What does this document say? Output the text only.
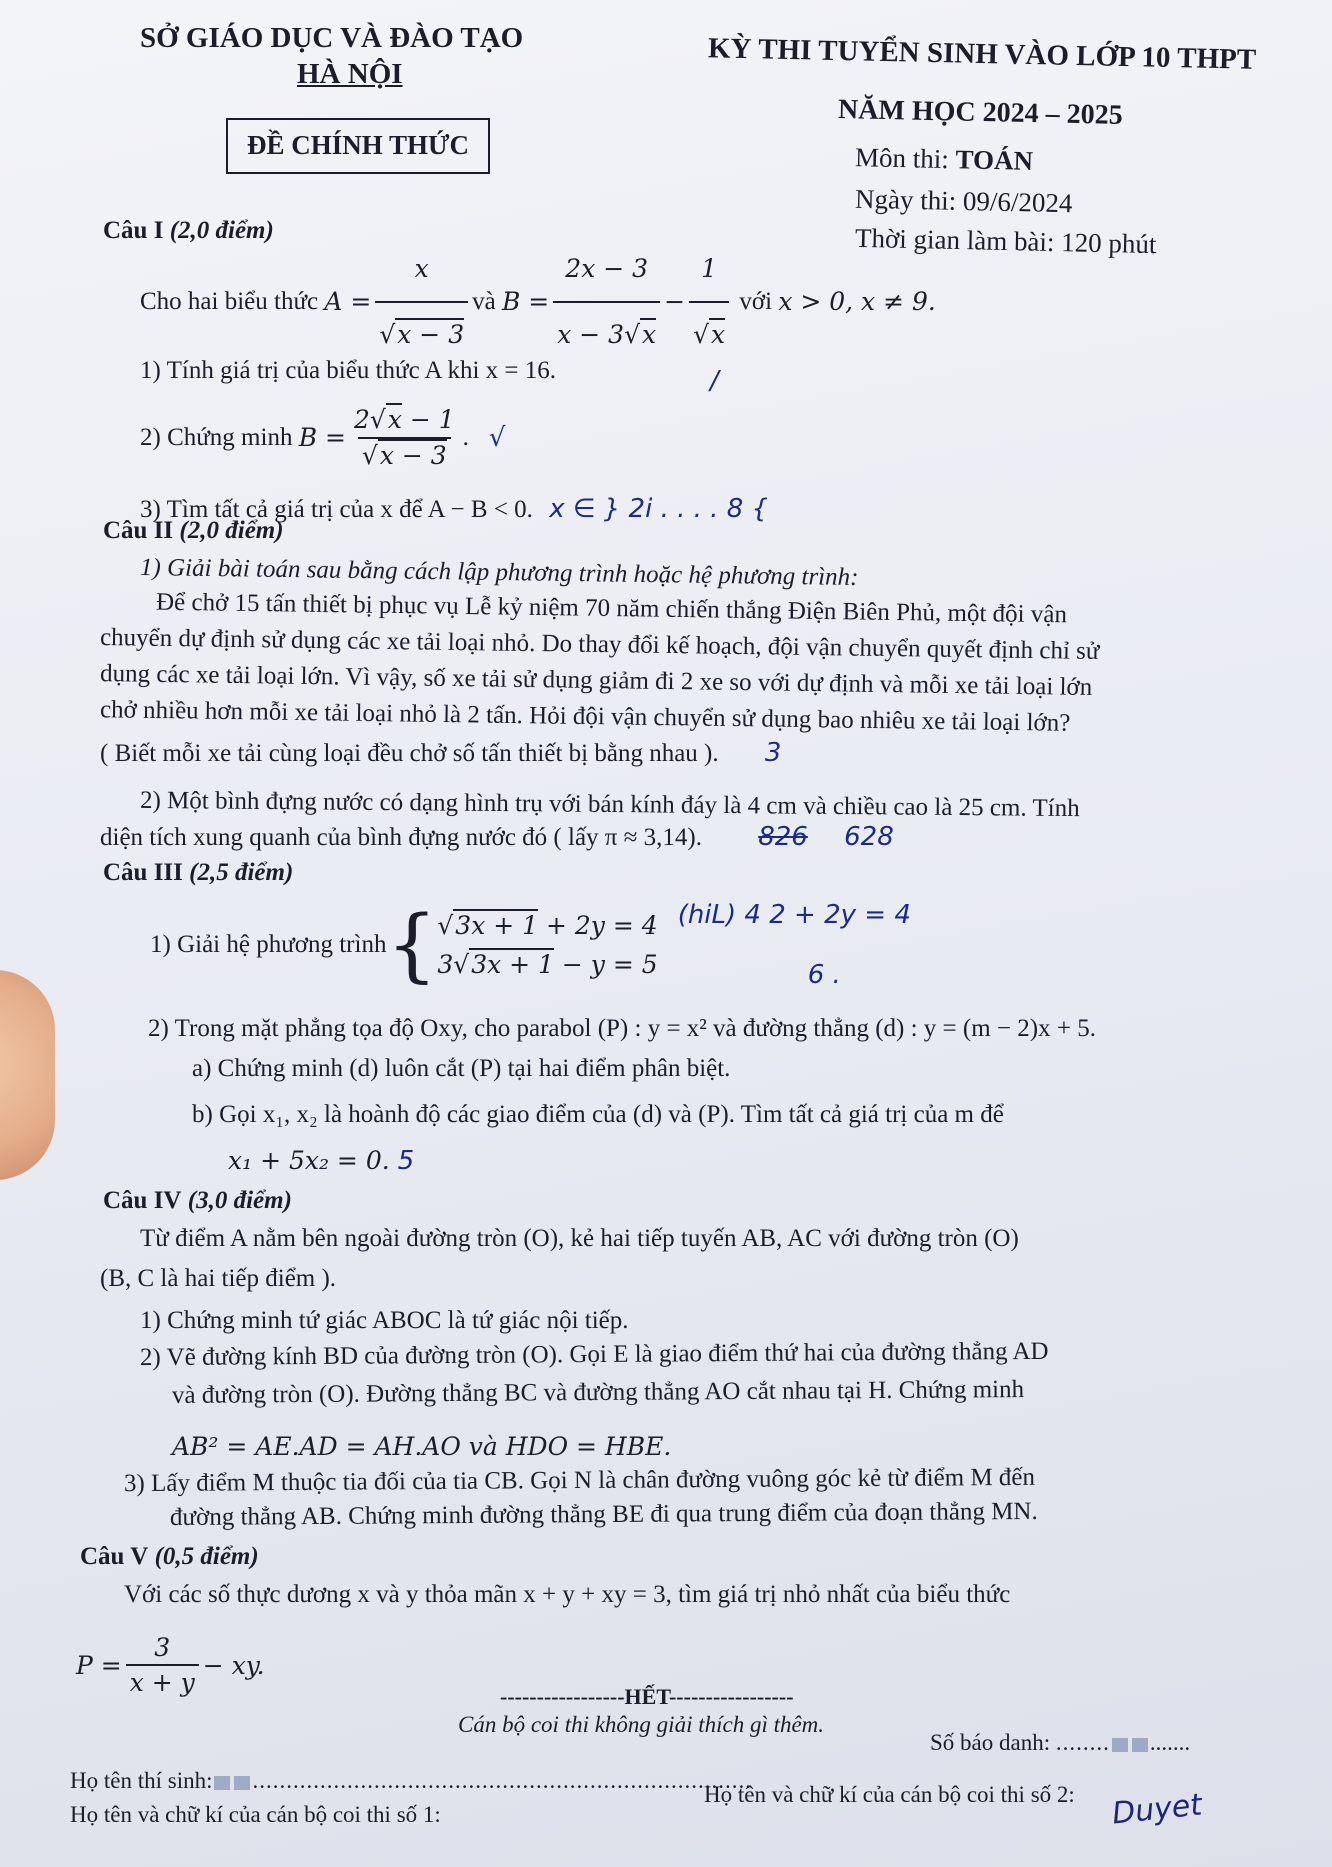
SỞ GIÁO DỤC VÀ ĐÀO TẠO
HÀ NỘI
ĐỀ CHÍNH THỨC
KỲ THI TUYỂN SINH VÀO LỚP 10 THPT
NĂM HỌC 2024 – 2025
Môn thi: TOÁN
Ngày thi: 09/6/2024
Thời gian làm bài: 120 phút
Câu I (2,0 điểm)
Cho hai biểu thức
$A = \frac{x}{√x - 3}$ và
$B = \frac{2x - 3}{x - 3√x} - \frac{1}{√x}$
với
x > 0, x ≠ 9.
1) Tính giá trị của biểu thức A khi x = 16.	/
2) Chứng minh
$B = \frac{2√x - 1}{√x - 3}$ . √
3) Tìm tất cả giá trị của x để A − B < 0. x ∈ } 2i . . . . 8 {
Câu II (2,0 điểm)
1) Giải bài toán sau bằng cách lập phương trình hoặc hệ phương trình:
Để chở 15 tấn thiết bị phục vụ Lễ kỷ niệm 70 năm chiến thắng Điện Biên Phủ, một đội vận
chuyển dự định sử dụng các xe tải loại nhỏ. Do thay đổi kế hoạch, đội vận chuyển quyết định chỉ sử
dụng các xe tải loại lớn. Vì vậy, số xe tải sử dụng giảm đi 2 xe so với dự định và mỗi xe tải loại lớn
chở nhiều hơn mỗi xe tải loại nhỏ là 2 tấn. Hỏi đội vận chuyển sử dụng bao nhiêu xe tải loại lớn?
( Biết mỗi xe tải cùng loại đều chở số tấn thiết bị bằng nhau ). 3
2) Một bình đựng nước có dạng hình trụ với bán kính đáy là 4 cm và chiều cao là 25 cm. Tính
diện tích xung quanh của bình đựng nước đó ( lấy π ≈ 3,14). 826 628
Câu III (2,5 điểm)
1) Giải hệ phương trình { √3x + 1 + 2y = 4
3√3x + 1 − y = 5
(hiL) 4 2 + 2y = 4
6 .
2) Trong mặt phẳng tọa độ Oxy, cho parabol (P) : y = x² và đường thẳng (d) : y = (m − 2)x + 5.
a) Chứng minh (d) luôn cắt (P) tại hai điểm phân biệt.
b) Gọi x₁, x₂ là hoành độ các giao điểm của (d) và (P). Tìm tất cả giá trị của m để
x₁ + 5x₂ = 0. 5
Câu IV (3,0 điểm)
Từ điểm A nằm bên ngoài đường tròn (O), kẻ hai tiếp tuyến AB, AC với đường tròn (O)
(B, C là hai tiếp điểm ).
1) Chứng minh tứ giác ABOC là tứ giác nội tiếp.
2) Vẽ đường kính BD của đường tròn (O). Gọi E là giao điểm thứ hai của đường thẳng AD
và đường tròn (O). Đường thẳng BC và đường thẳng AO cắt nhau tại H. Chứng minh
AB² = AE.AD = AH.AO và HDO = HBE.
3) Lấy điểm M thuộc tia đối của tia CB. Gọi N là chân đường vuông góc kẻ từ điểm M đến
đường thẳng AB. Chứng minh đường thẳng BE đi qua trung điểm của đoạn thẳng MN.
Câu V (0,5 điểm)
Với các số thực dương x và y thỏa mãn x + y + xy = 3, tìm giá trị nhỏ nhất của biểu thức
$P = \frac{3}{x + y}$ − xy.
-----------------HẾT-----------------
Cán bộ coi thi không giải thích gì thêm.
Số báo danh: ........ .......
Họ tên thí sinh: ..........................................................................
Họ tên và chữ kí của cán bộ coi thi số 1:
Họ tên và chữ kí của cán bộ coi thi số 2: Duyet
